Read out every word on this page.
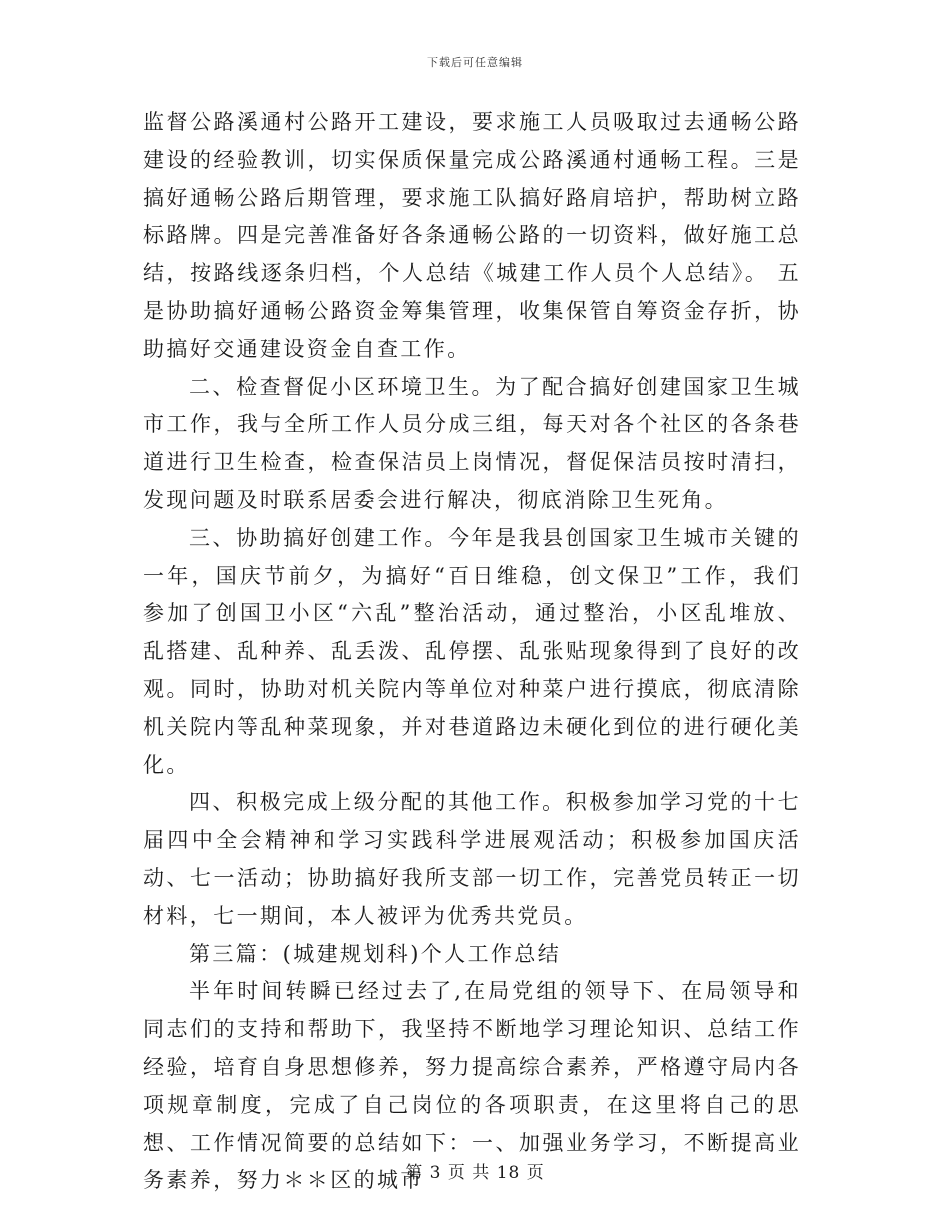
下载后可任意编辑

监督公路溪通村公路开工建设，要求施工人员吸取过去通畅公路建设的经验教训，切实保质保量完成公路溪通村通畅工程。三是搞好通畅公路后期管理，要求施工队搞好路肩培护，帮助树立路标路牌。四是完善准备好各条通畅公路的一切资料，做好施工总结，按路线逐条归档，个人总结《城建工作人员个人总结》。 五是协助搞好通畅公路资金筹集管理，收集保管自筹资金存折，协助搞好交通建设资金自查工作。

二、检查督促小区环境卫生。为了配合搞好创建国家卫生城市工作，我与全所工作人员分成三组，每天对各个社区的各条巷道进行卫生检查，检查保洁员上岗情况，督促保洁员按时清扫，发现问题及时联系居委会进行解决，彻底消除卫生死角。

三、协助搞好创建工作。今年是我县创国家卫生城市关键的一年，国庆节前夕，为搞好“百日维稳，创文保卫”工作，我们参加了创国卫小区“六乱”整治活动，通过整治，小区乱堆放、乱搭建、乱种养、乱丢泼、乱停摆、乱张贴现象得到了良好的改观。同时，协助对机关院内等单位对种菜户进行摸底，彻底清除机关院内等乱种菜现象，并对巷道路边未硬化到位的进行硬化美化。

四、积极完成上级分配的其他工作。积极参加学习党的十七届四中全会精神和学习实践科学进展观活动；积极参加国庆活动、七一活动；协助搞好我所支部一切工作，完善党员转正一切材料，七一期间，本人被评为优秀共党员。

第三篇：(城建规划科)个人工作总结

半年时间转瞬已经过去了,在局党组的领导下、在局领导和同志们的支持和帮助下，我坚持不断地学习理论知识、总结工作经验，培育自身思想修养，努力提高综合素养，严格遵守局内各项规章制度，完成了自己岗位的各项职责，在这里将自己的思想、工作情况简要的总结如下：一、加强业务学习，不断提高业务素养，努力＊＊区的城市

第 3 页 共 18 页
